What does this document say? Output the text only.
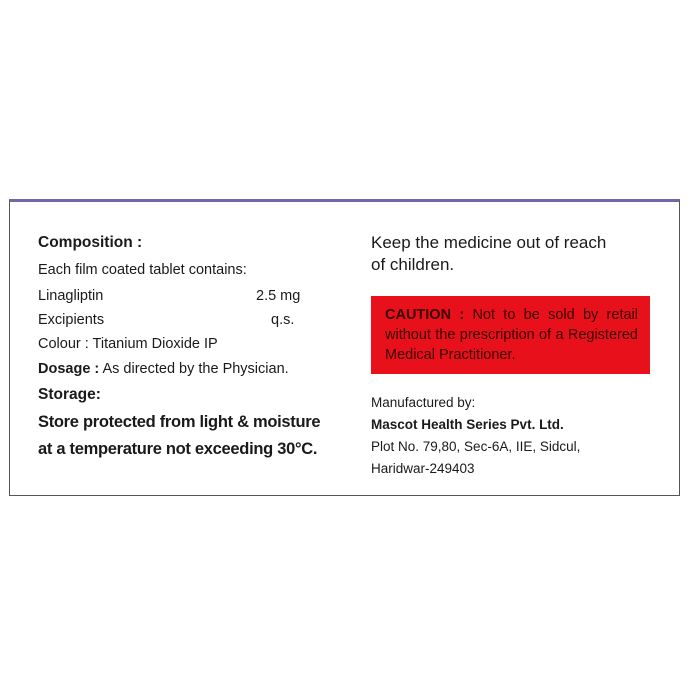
Composition :
Each film coated tablet contains:
Linagliptin	2.5 mg
Excipients	q.s.
Colour : Titanium Dioxide IP
Dosage : As directed by the Physician.
Storage:
Store protected from light & moisture
at a temperature not exceeding 30°C.
Keep the medicine out of reach
of children.
CAUTION : Not to be sold by retail without the prescription of a Registered Medical Practitioner.
Manufactured by:
Mascot Health Series Pvt. Ltd.
Plot No. 79,80, Sec-6A, IIE, Sidcul,
Haridwar-249403
